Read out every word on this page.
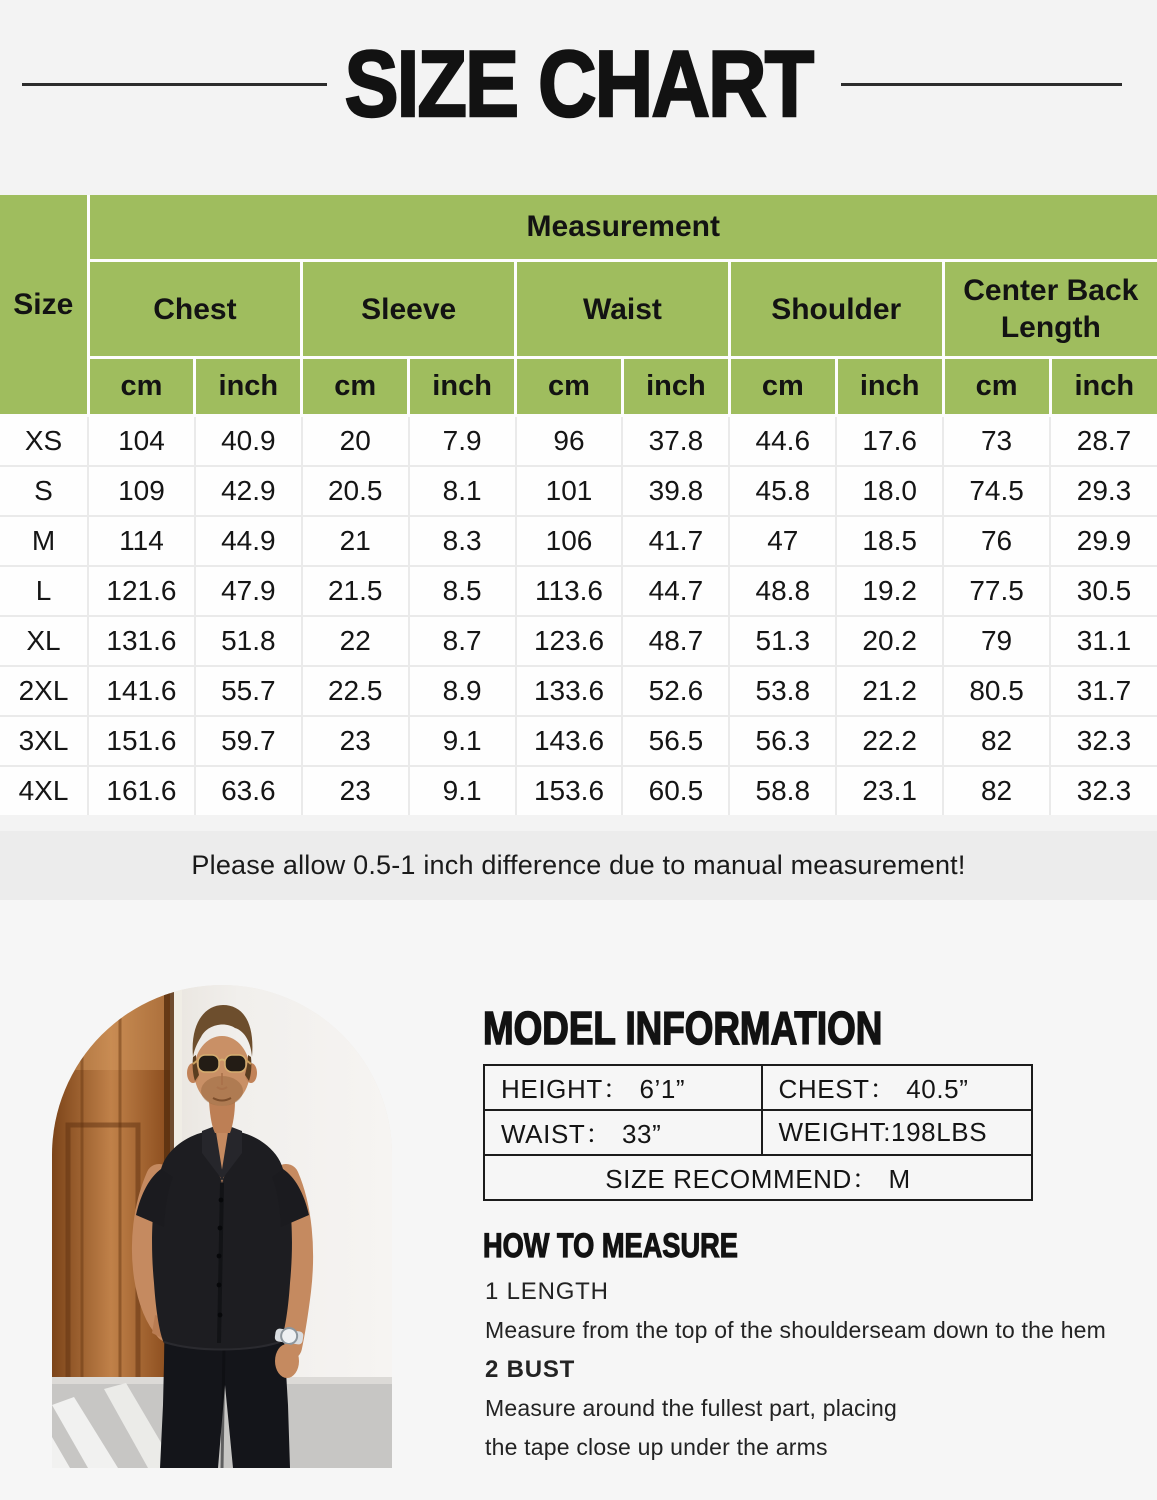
SIZE CHART
Size	Measurement									
	Chest		Sleeve		Waist		Shoulder		Center Back Length	
	cm	inch	cm	inch	cm	inch	cm	inch	cm	inch
XS	104	40.9	20	7.9	96	37.8	44.6	17.6	73	28.7
S	109	42.9	20.5	8.1	101	39.8	45.8	18.0	74.5	29.3
M	114	44.9	21	8.3	106	41.7	47	18.5	76	29.9
L	121.6	47.9	21.5	8.5	113.6	44.7	48.8	19.2	77.5	30.5
XL	131.6	51.8	22	8.7	123.6	48.7	51.3	20.2	79	31.1
2XL	141.6	55.7	22.5	8.9	133.6	52.6	53.8	21.2	80.5	31.7
3XL	151.6	59.7	23	9.1	143.6	56.5	56.3	22.2	82	32.3
4XL	161.6	63.6	23	9.1	153.6	60.5	58.8	23.1	82	32.3
Please allow 0.5-1 inch difference due to manual measurement!
MODEL INFORMATION
HEIGHT： 6’1”	CHEST： 40.5”
WAIST： 33”	WEIGHT:198LBS
SIZE RECOMMEND： M	
HOW TO MEASURE
1 LENGTH
Measure from the top of the shoulderseam down to the hem
2 BUST
Measure around the fullest part, placing
the tape close up under the arms
